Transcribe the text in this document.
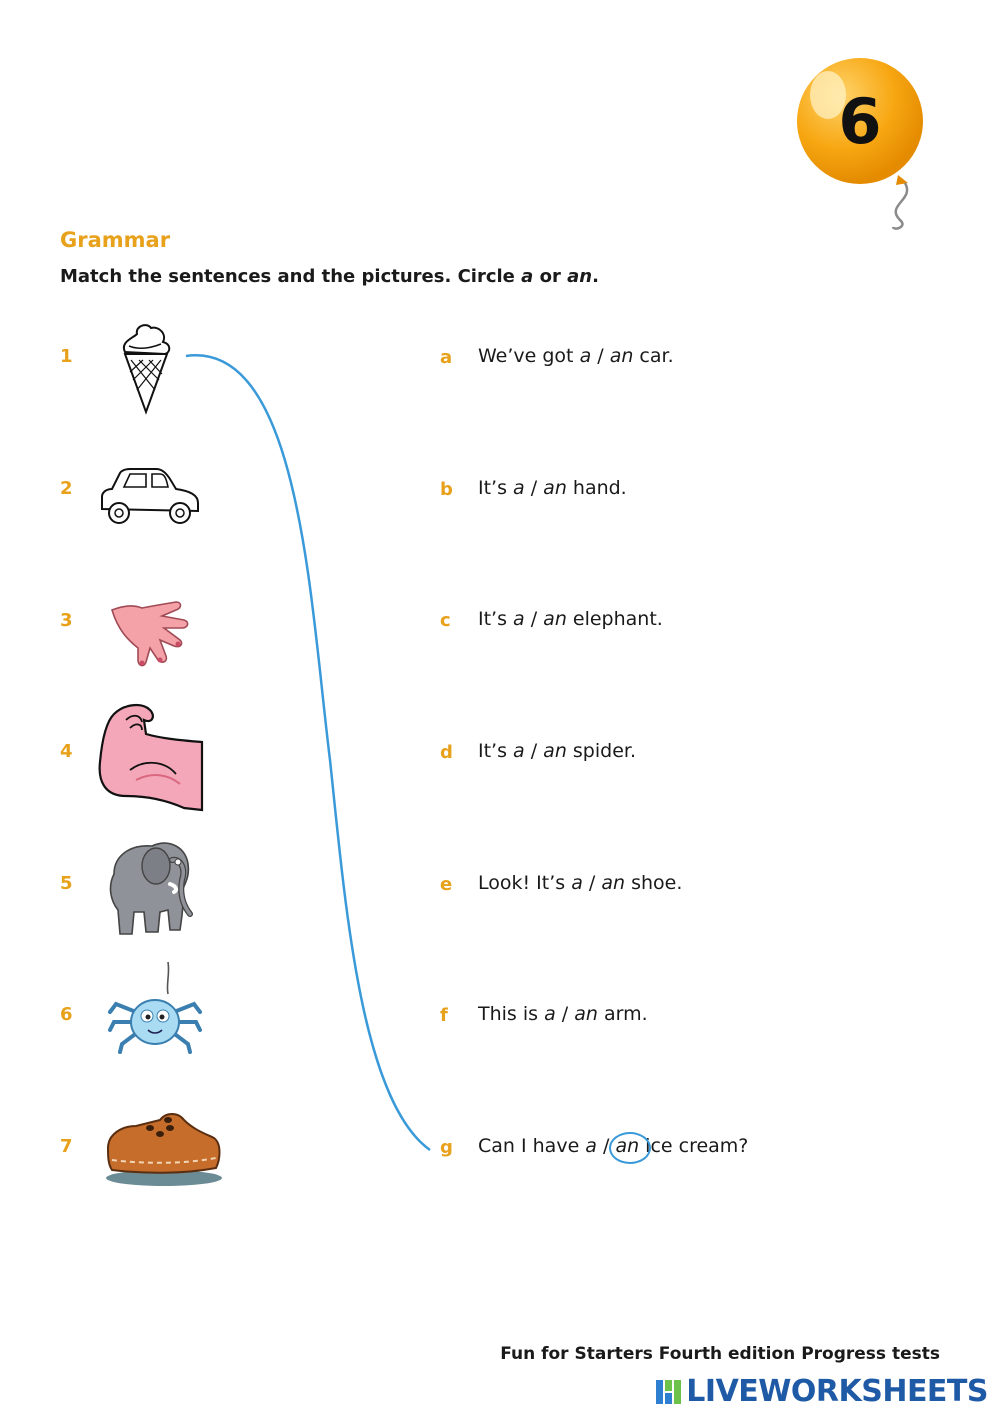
6
Grammar

Match the sentences and the pictures. Circle a or an.

1
2
3
4
5
6
7
a
b
c
d
e
f
g
We’ve got a / an car.
It’s a / an hand.
It’s a / an elephant.
It’s a / an spider.
Look! It’s a / an shoe.
This is a / an arm.
Can I have a /
an ice cream?
Fun for Starters Fourth edition Progress tests
LIVEWORKSHEETS
